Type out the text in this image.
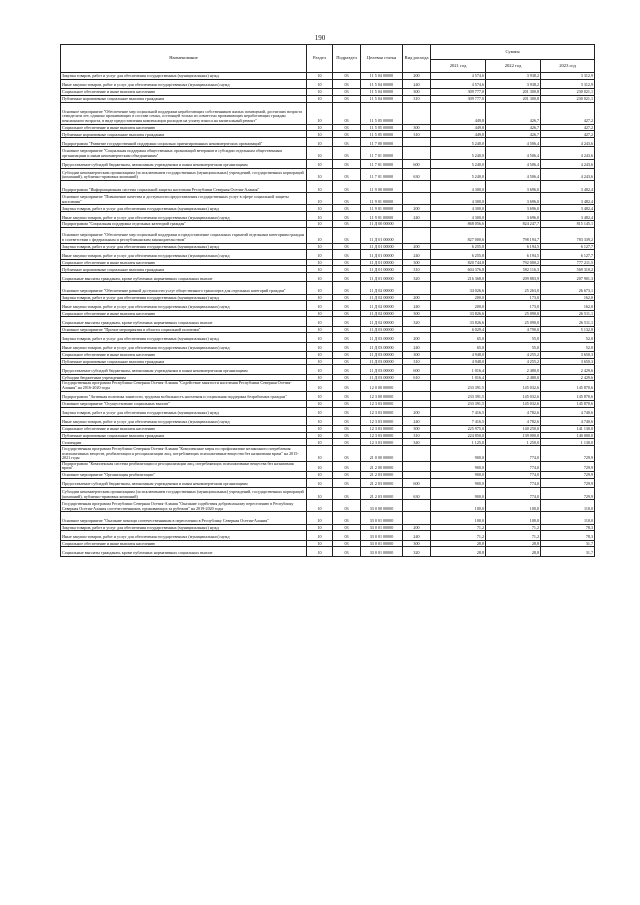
190
Наименование	Раздел	Подраздел	Целевая статья	Вид расхода	Суммы		
					2021 год	2022 год	2023 год
Закупка товаров, работ и услуг для обеспечения государственных (муниципальных) нужд	10	03	11 5 04 00000	200	4 574,6	3 938,2	3 312,9
Иные закупки товаров, работ и услуг для обеспечения государственных (муниципальных) нужд	10	03	11 5 04 00000	240	4 574,6	3 938,2	3 312,9
Социальное обеспечение и иные выплаты населению	10	03	11 5 04 00000	300	309 777,0	201 300,8	230 021,1
Публичные нормативные социальные выплаты гражданам	10	03	11 5 04 00000	310	309 777,0	201 300,8	230 021,1
Основное мероприятие "Обеспечение мер социальной поддержки неработающих собственников жилых помещений, достигших возраста семидесяти лет, одиноко проживающих в составе семьи, состоящей только из совместно проживающих неработающих граждан пенсионного возраста, в виде предоставления компенсации расходов на уплату взноса на капитальный ремонт"	10	03	11 5 05 00000		449,8	426,7	427,2
Социальное обеспечение и иные выплаты населению	10	03	11 5 05 00000	300	449,8	426,7	427,2
Публичные нормативные социальные выплаты гражданам	10	03	11 5 05 00000	310	449,8	426,7	427,2
Подпрограмма "Развитие государственной поддержки социально ориентированных некоммерческих организаций"	10	03	11 7 00 00000		5 240,0	4 506,4	4 243,6
Основное мероприятие "Социальная поддержка общественных организаций ветеранов и субсидии отдельным общественным организациям и иным некоммерческим объединениям"	10	03	11 7 01 00000		5 240,0	4 506,4	4 243,6
Предоставление субсидий бюджетным, автономным учреждениям и иным некоммерческим организациям	10	03	11 7 01 00000	600	5 240,0	4 506,4	4 243,6
Субсидии некоммерческим организациям (за исключением государственных (муниципальных) учреждений, государственных корпораций (компаний), публично-правовых компаний)	10	03	11 7 01 00000	630	5 240,0	4 506,4	4 243,6
Подпрограмма "Информационная система социальной защиты населения Республики Северная Осетия-Алания"	10	03	11 9 00 00000		4 300,0	3 696,0	3 482,4
Основное мероприятие "Повышение качества и доступности предоставления государственных услуг в сфере социальной защиты населения"	10	03	11 9 01 00000		4 300,0	3 696,0	3 482,4
Закупка товаров, работ и услуг для обеспечения государственных (муниципальных) нужд	10	03	11 9 01 00000	200	4 300,0	3 696,0	3 482,4
Иные закупки товаров, работ и услуг для обеспечения государственных (муниципальных) нужд	10	03	11 9 01 00000	240	4 300,0	3 696,0	3 482,4
Подпрограмма "Социальная поддержка отдельных категорий граждан"	10	03	11 Д 00 00000		868 056,6	824 247,7	815 145,1
Основное мероприятие "Обеспечение мер социальной поддержки и предоставление социальных гарантий отдельным категориям граждан в соответствии с федеральным и республиканским законодательством"	10	03	11 Д 01 00000		827 000,6	798 194,7	783 339,2
Закупка товаров, работ и услуг для обеспечения государственных (муниципальных) нужд	10	03	11 Д 01 00000	200	6 255,8	6 194,5	6 127,7
Иные закупки товаров, работ и услуг для обеспечения государственных (муниципальных) нужд	10	03	11 Д 01 00000	240	6 255,8	6 194,5	6 127,7
Социальное обеспечение и иные выплаты населению	10	03	11 Д 01 00000	300	820 744,8	792 000,2	777 211,5
Публичные нормативные социальные выплаты гражданам	10	03	11 Д 01 00000	310	604 376,8	582 116,3	569 310,2
Социальные выплаты гражданам, кроме публичных нормативных социальных выплат	10	03	11 Д 01 00000	320	216 368,0	209 883,9	207 901,3
Основное мероприятие "Обеспечение равной доступности услуг общественного транспорта для отдельных категорий граждан"	10	03	11 Д 02 00000		34 026,6	25 263,0	26 673,1
Закупка товаров, работ и услуг для обеспечения государственных (муниципальных) нужд	10	03	11 Д 02 00000	200	200,0	173,0	162,0
Иные закупки товаров, работ и услуг для обеспечения государственных (муниципальных) нужд	10	03	11 Д 02 00000	240	200,0	173,0	162,0
Социальное обеспечение и иные выплаты населению	10	03	11 Д 02 00000	300	33 826,6	25 090,0	26 511,1
Социальные выплаты гражданам, кроме публичных нормативных социальных выплат	10	03	11 Д 02 00000	320	33 826,6	25 090,0	26 511,1
Основное мероприятие "Прочие мероприятия в области социальной политики"	10	03	11 Д 03 00000		6 029,4	4 790,0	5 132,8
Закупка товаров, работ и услуг для обеспечения государственных (муниципальных) нужд	10	03	11 Д 03 00000	200	65,0	55,0	52,0
Иные закупки товаров, работ и услуг для обеспечения государственных (муниципальных) нужд	10	03	11 Д 03 00000	240	65,0	55,0	52,0
Социальное обеспечение и иные выплаты населению	10	03	11 Д 03 00000	300	4 948,0	4 255,2	3 650,3
Публичные нормативные социальные выплаты гражданам	10	03	11 Д 03 00000	310	4 948,0	4 255,2	3 650,3
Предоставление субсидий бюджетным, автономным учреждениям и иным некоммерческим организациям	10	03	11 Д 03 00000	600	1 016,4	2 480,0	2 429,6
Субсидии бюджетным учреждениям	10	03	11 Д 03 00000	610	1 016,4	2 480,0	2 429,6
Государственная программа Республики Северная Осетия-Алания "Содействие занятости населения Республики Северная Осетия-Алания" на 2016-2020 годы	10	03	12 0 00 00000		233 391,5	145 032,6	145 870,6
Подпрограмма "Активная политика занятости, трудовая мобильность населения и социальная поддержка безработных граждан"	10	03	12 3 00 00000		233 391,5	145 032,6	145 870,6
Основное мероприятие "Осуществление социальных выплат"	10	03	12 3 03 00000		233 391,5	145 032,6	145 870,6
Закупка товаров, работ и услуг для обеспечения государственных (муниципальных) нужд	10	03	12 3 03 00000	200	7 416,5	4 782,6	4 740,6
Иные закупки товаров, работ и услуг для обеспечения государственных (муниципальных) нужд	10	03	12 3 03 00000	240	7 416,5	4 782,6	4 740,6
Социальное обеспечение и иные выплаты населению	10	03	12 3 03 00000	300	225 975,0	140 250,0	141 130,0
Публичные нормативные социальные выплаты гражданам	10	03	12 3 03 00000	310	224 850,0	139 000,0	140 000,0
Стипендии	10	03	12 3 03 00000	340	1 125,0	1 250,0	1 130,0
Государственная программа Республики Северная Осетия-Алания "Комплексные меры по профилактике незаконного потребления психоактивных веществ, реабилитации и ресоциализации лиц, потребляющих психоактивные вещества без назначения врача" на 2015-2021 годы	10	03	21 0 00 00000		900,0	774,0	729,9
Подпрограмма "Комплексная система реабилитации и ресоциализации лиц, потребляющих психоактивные вещества без назначения врача"	10	03	21 2 00 00000		900,0	774,0	729,9
Основное мероприятие "Организация реабилитации"	10	03	21 2 03 00000		900,0	774,0	729,9
Предоставление субсидий бюджетным, автономным учреждениям и иным некоммерческим организациям	10	03	21 2 03 00000	600	900,0	774,0	729,9
Субсидии некоммерческим организациям (за исключением государственных (муниципальных) учреждений, государственных корпораций (компаний), публично-правовых компаний)	10	03	21 2 03 00000	630	900,0	774,0	729,9
Государственная программа Республики Северная Осетия-Алания "Оказание содействия добровольному переселению в Республику Северная Осетия-Алания соотечественников, проживающих за рубежом" на 2019-2020 годы	10	03	33 0 00 00000		100,0	100,0	110,0
Основное мероприятие "Оказание помощи соотечественникам в переселении в Республику Северная Осетия-Алания"	10	03	33 0 01 00000		100,0	100,0	110,0
Закупка товаров, работ и услуг для обеспечения государственных (муниципальных) нужд	10	03	33 0 01 00000	200	71,2	71,2	78,3
Иные закупки товаров, работ и услуг для обеспечения государственных (муниципальных) нужд	10	03	33 0 01 00000	240	71,2	71,2	78,3
Социальное обеспечение и иные выплаты населению	10	03	33 0 01 00000	300	28,8	28,8	31,7
Социальные выплаты гражданам, кроме публичных нормативных социальных выплат	10	03	33 0 01 00000	320	28,8	28,8	31,7
